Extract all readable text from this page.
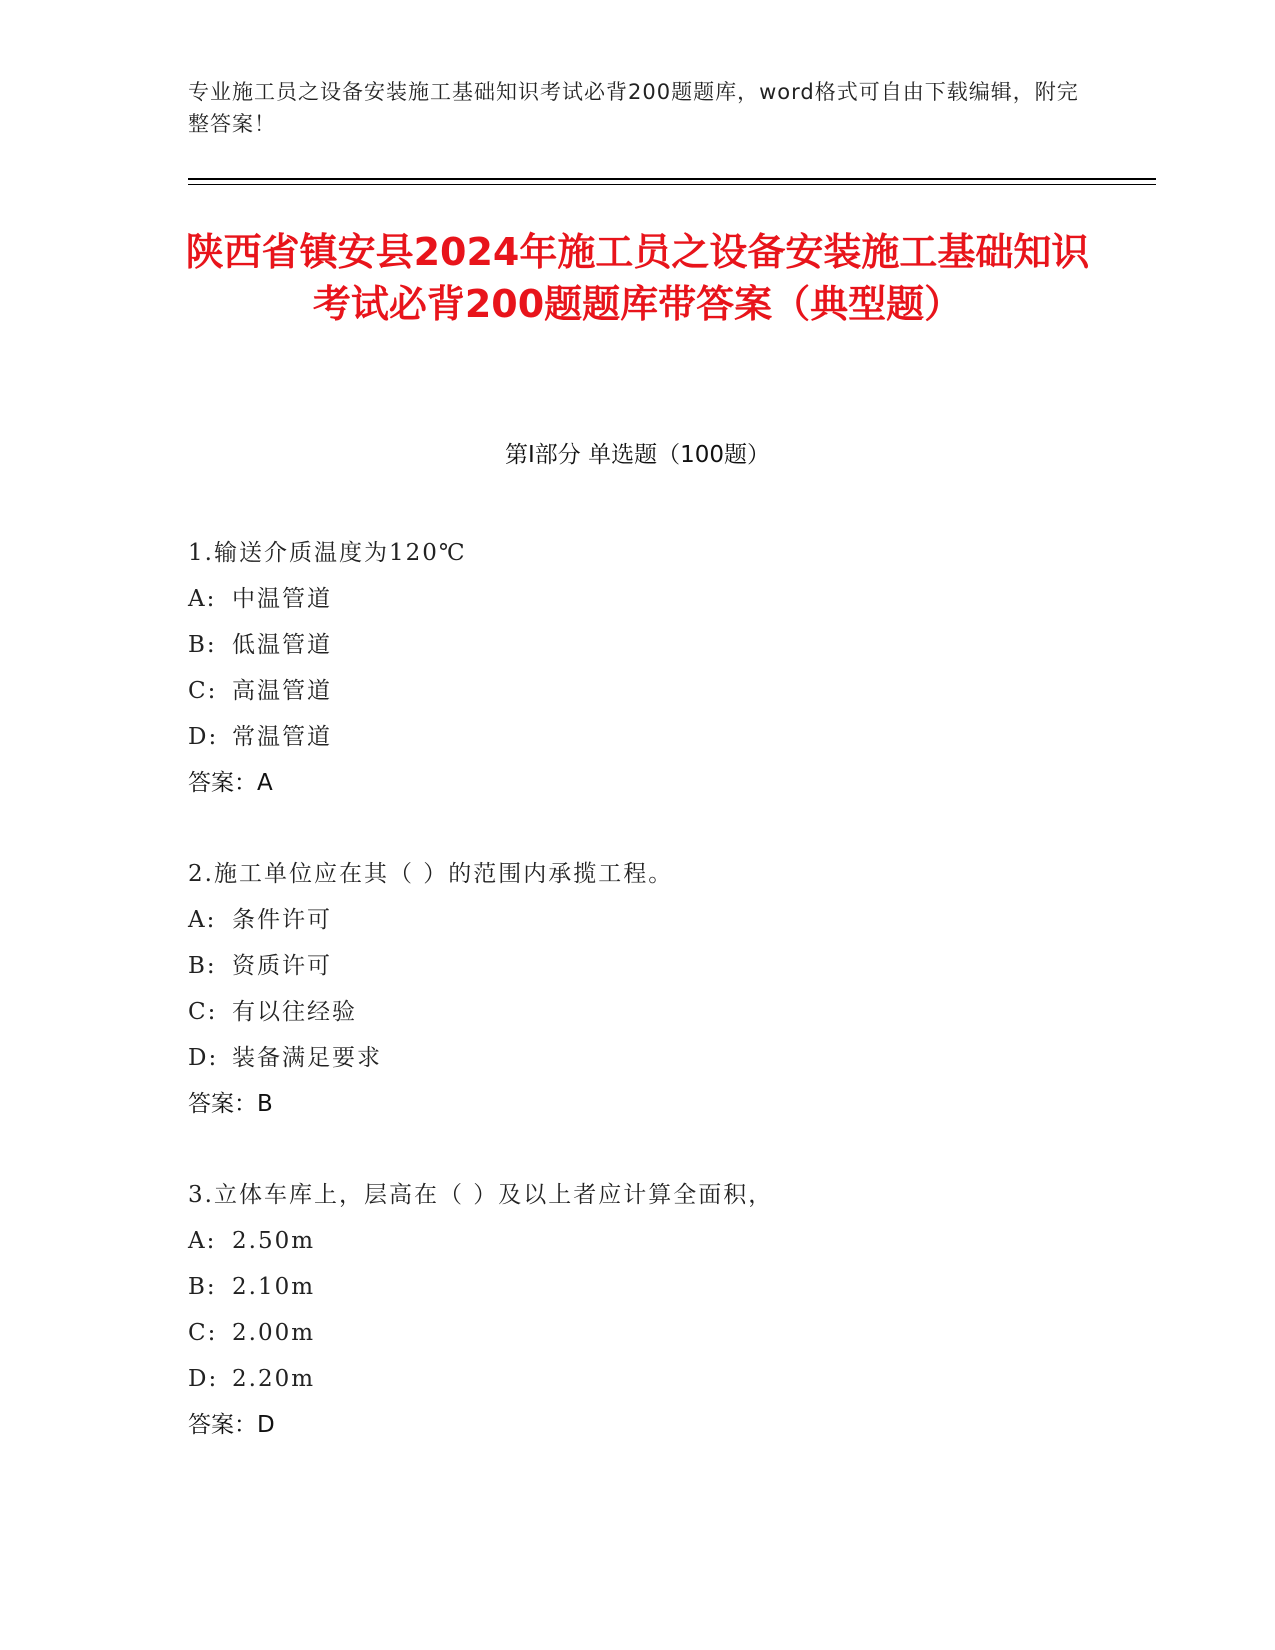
专业施工员之设备安装施工基础知识考试必背200题题库，word格式可自由下载编辑，附完整答案！
陕西省镇安县2024年施工员之设备安装施工基础知识考试必背200题题库带答案（典型题）
第Ⅰ部分 单选题（100题）
1.输送介质温度为120℃
A: 中温管道
B: 低温管道
C: 高温管道
D: 常温管道
答案：A
2.施工单位应在其（ ）的范围内承揽工程。
A: 条件许可
B: 资质许可
C: 有以往经验
D: 装备满足要求
答案：B
3.立体车库上，层高在（ ）及以上者应计算全面积，
A: 2.50m
B: 2.10m
C: 2.00m
D: 2.20m
答案：D
